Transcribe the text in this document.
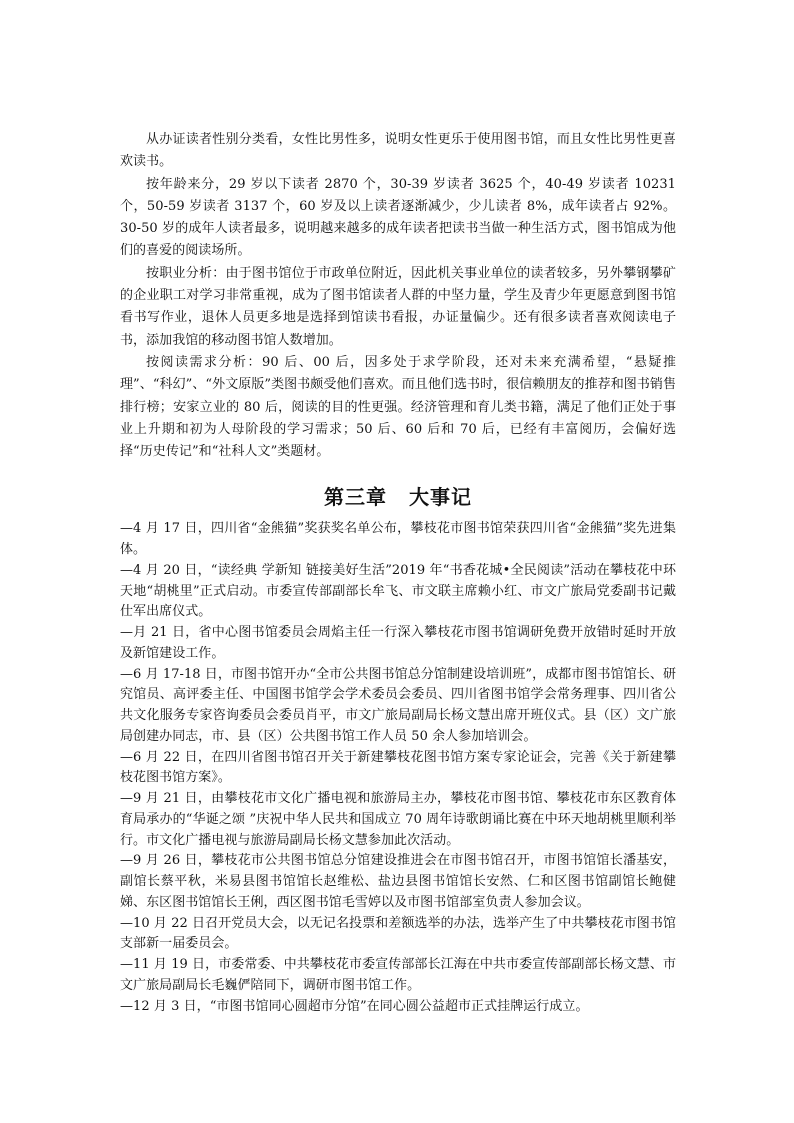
从办证读者性别分类看，女性比男性多，说明女性更乐于使用图书馆，而且女性比男性更喜欢读书。

按年龄来分，29 岁以下读者 2870 个，30-39 岁读者 3625 个，40-49 岁读者 10231 个，50-59 岁读者 3137 个，60 岁及以上读者逐渐减少，少儿读者 8%，成年读者占 92%。30-50 岁的成年人读者最多，说明越来越多的成年读者把读书当做一种生活方式，图书馆成为他们的喜爱的阅读场所。

按职业分析：由于图书馆位于市政单位附近，因此机关事业单位的读者较多，另外攀钢攀矿的企业职工对学习非常重视，成为了图书馆读者人群的中坚力量，学生及青少年更愿意到图书馆看书写作业，退休人员更多地是选择到馆读书看报，办证量偏少。还有很多读者喜欢阅读电子书，添加我馆的移动图书馆人数增加。

按阅读需求分析：90 后、00 后，因多处于求学阶段，还对未来充满希望，“悬疑推理”、“科幻”、“外文原版”类图书颇受他们喜欢。而且他们选书时，很信赖朋友的推荐和图书销售排行榜；安家立业的 80 后，阅读的目的性更强。经济管理和育儿类书籍，满足了他们正处于事业上升期和初为人母阶段的学习需求；50 后、60 后和 70 后，已经有丰富阅历，会偏好选择“历史传记”和“社科人文”类题材。

第三章 大事记

—4 月 17 日，四川省“金熊猫”奖获奖名单公布，攀枝花市图书馆荣获四川省“金熊猫”奖先进集体。

—4 月 20 日，“读经典 学新知 链接美好生活”2019 年“书香花城•全民阅读”活动在攀枝花中环天地“胡桃里”正式启动。市委宣传部副部长牟飞、市文联主席赖小红、市文广旅局党委副书记戴仕军出席仪式。

—月 21 日，省中心图书馆委员会周焰主任一行深入攀枝花市图书馆调研免费开放错时延时开放及新馆建设工作。

—6 月 17-18 日，市图书馆开办“全市公共图书馆总分馆制建设培训班”，成都市图书馆馆长、研究馆员、高评委主任、中国图书馆学会学术委员会委员、四川省图书馆学会常务理事、四川省公共文化服务专家咨询委员会委员肖平，市文广旅局副局长杨文慧出席开班仪式。县（区）文广旅局创建办同志，市、县（区）公共图书馆工作人员 50 余人参加培训会。

—6 月 22 日，在四川省图书馆召开关于新建攀枝花图书馆方案专家论证会，完善《关于新建攀枝花图书馆方案》。

—9 月 21 日，由攀枝花市文化广播电视和旅游局主办，攀枝花市图书馆、攀枝花市东区教育体育局承办的“华诞之颂 ”庆祝中华人民共和国成立 70 周年诗歌朗诵比赛在中环天地胡桃里顺利举行。市文化广播电视与旅游局副局长杨文慧参加此次活动。

—9 月 26 日，攀枝花市公共图书馆总分馆建设推进会在市图书馆召开，市图书馆馆长潘基安，副馆长蔡平秋，米易县图书馆馆长赵维松、盐边县图书馆馆长安然、仁和区图书馆副馆长鲍健娣、东区图书馆馆长王俐，西区图书馆毛雪婷以及市图书馆部室负责人参加会议。

—10 月 22 日召开党员大会，以无记名投票和差额选举的办法，选举产生了中共攀枝花市图书馆支部新一届委员会。

—11 月 19 日，市委常委、中共攀枝花市委宣传部部长江海在中共市委宣传部副部长杨文慧、市文广旅局副局长毛巍俨陪同下，调研市图书馆工作。

—12 月 3 日，“市图书馆同心圆超市分馆”在同心圆公益超市正式挂牌运行成立。
